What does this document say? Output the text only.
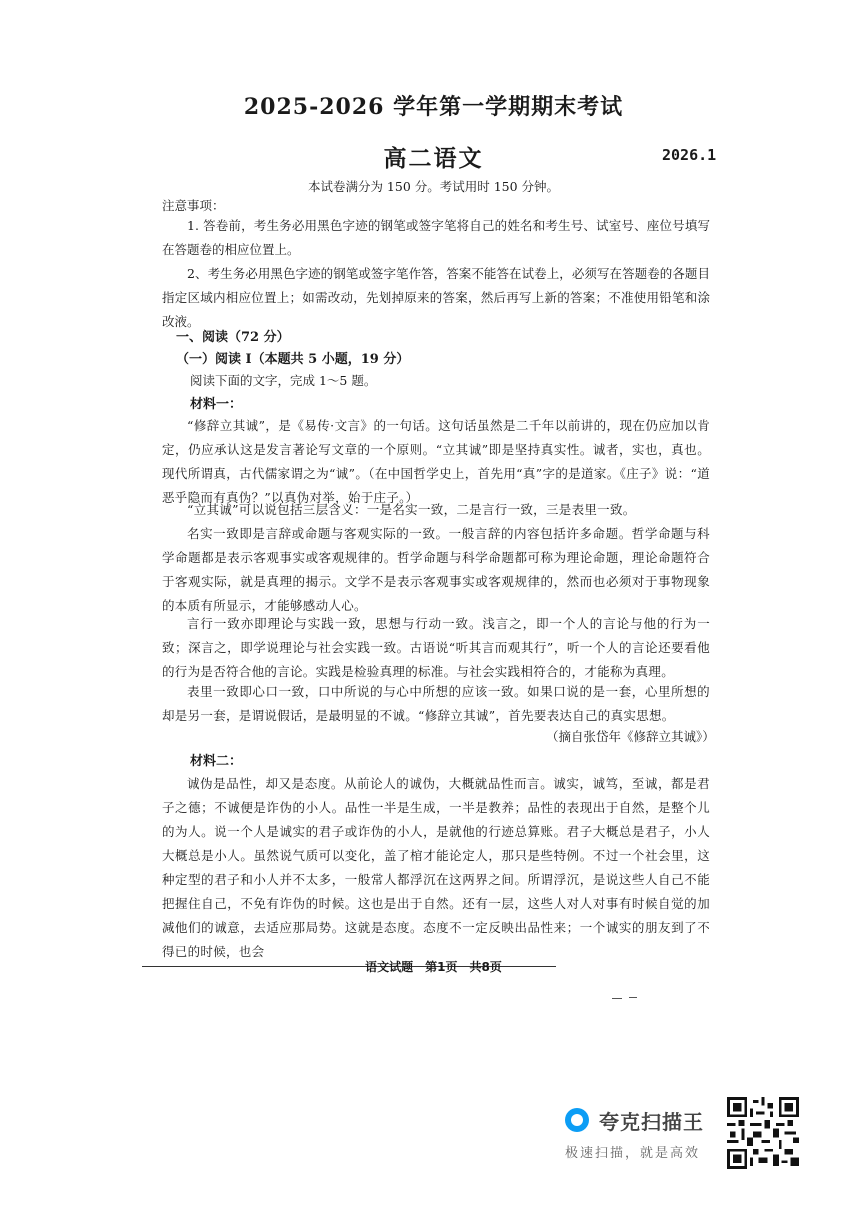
2025-2026 学年第一学期期末考试
高二语文	2026.1
本试卷满分为 150 分。考试用时 150 分钟。
注意事项：
1. 答卷前，考生务必用黑色字迹的钢笔或签字笔将自己的姓名和考生号、试室号、座位号填写在答题卷的相应位置上。
2、考生务必用黑色字迹的钢笔或签字笔作答，答案不能答在试卷上，必须写在答题卷的各题目指定区域内相应位置上；如需改动，先划掉原来的答案，然后再写上新的答案；不准使用铅笔和涂改液。
一、阅读（72 分）
（一）阅读 I（本题共 5 小题，19 分）
阅读下面的文字，完成 1～5 题。
材料一：
“修辞立其诚”，是《易传·文言》的一句话。这句话虽然是二千年以前讲的，现在仍应加以肯定，仍应承认这是发言著论写文章的一个原则。“立其诚”即是坚持真实性。诚者，实也，真也。现代所谓真，古代儒家谓之为“诚”。（在中国哲学史上，首先用“真”字的是道家。《庄子》说：“道恶乎隐而有真伪？”以真伪对举，始于庄子。）
“立其诚”可以说包括三层含义：一是名实一致，二是言行一致，三是表里一致。
名实一致即是言辞或命题与客观实际的一致。一般言辞的内容包括许多命题。哲学命题与科学命题都是表示客观事实或客观规律的。哲学命题与科学命题都可称为理论命题，理论命题符合于客观实际，就是真理的揭示。文学不是表示客观事实或客观规律的，然而也必须对于事物现象的本质有所显示，才能够感动人心。
言行一致亦即理论与实践一致，思想与行动一致。浅言之，即一个人的言论与他的行为一致；深言之，即学说理论与社会实践一致。古语说“听其言而观其行”，听一个人的言论还要看他的行为是否符合他的言论。实践是检验真理的标准。与社会实践相符合的，才能称为真理。
表里一致即心口一致，口中所说的与心中所想的应该一致。如果口说的是一套，心里所想的却是另一套，是谓说假话，是最明显的不诚。“修辞立其诚”，首先要表达自己的真实思想。
（摘自张岱年《修辞立其诚》）
材料二：
诚伪是品性，却又是态度。从前论人的诚伪，大概就品性而言。诚实，诚笃，至诚，都是君子之德；不诚便是诈伪的小人。品性一半是生成，一半是教养；品性的表现出于自然，是整个儿的为人。说一个人是诚实的君子或诈伪的小人，是就他的行迹总算账。君子大概总是君子，小人大概总是小人。虽然说气质可以变化，盖了棺才能论定人，那只是些特例。不过一个社会里，这种定型的君子和小人并不太多，一般常人都浮沉在这两界之间。所谓浮沉，是说这些人自己不能把握住自己，不免有诈伪的时候。这也是出于自然。还有一层，这些人对人对事有时候自觉的加减他们的诚意，去适应那局势。这就是态度。态度不一定反映出品性来；一个诚实的朋友到了不得已的时候，也会
语文试题　第1页　共8页
夸克扫描王
极速扫描，就是高效
